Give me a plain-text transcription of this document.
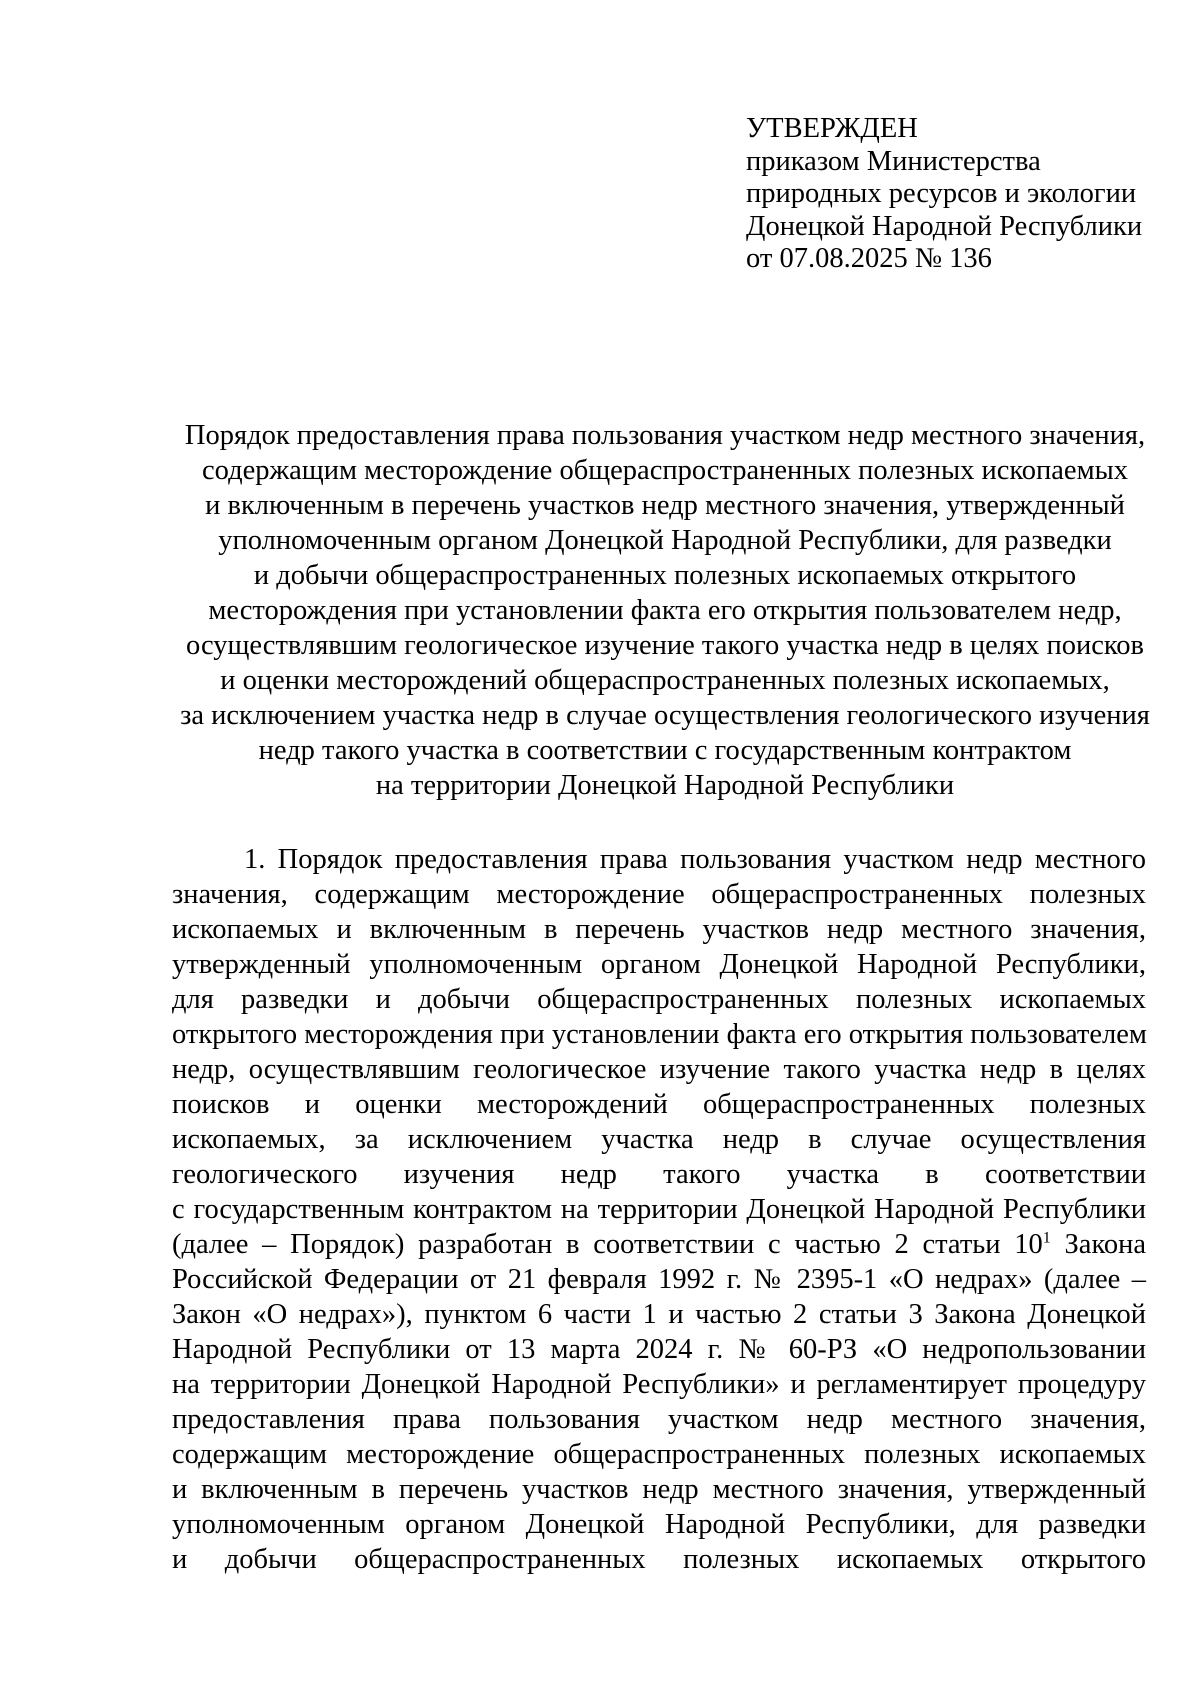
УТВЕРЖДЕН
приказом Министерства
природных ресурсов и экологии
Донецкой Народной Республики
от 07.08.2025 № 136
Порядок предоставления права пользования участком недр местного значения,
содержащим месторождение общераспространенных полезных ископаемых
и включенным в перечень участков недр местного значения, утвержденный
уполномоченным органом Донецкой Народной Республики, для разведки
и добычи общераспространенных полезных ископаемых открытого
месторождения при установлении факта его открытия пользователем недр,
осуществлявшим геологическое изучение такого участка недр в целях поисков
и оценки месторождений общераспространенных полезных ископаемых,
за исключением участка недр в случае осуществления геологического изучения
недр такого участка в соответствии с государственным контрактом
на территории Донецкой Народной Республики
1. Порядок предоставления права пользования участком недр местного
значения, содержащим месторождение общераспространенных полезных
ископаемых и включенным в перечень участков недр местного значения,
утвержденный уполномоченным органом Донецкой Народной Республики,
для разведки и добычи общераспространенных полезных ископаемых
открытого месторождения при установлении факта его открытия пользователем
недр, осуществлявшим геологическое изучение такого участка недр в целях
поисков и оценки месторождений общераспространенных полезных
ископаемых, за исключением участка недр в случае осуществления
геологического изучения недр такого участка в соответствии
с государственным контрактом на территории Донецкой Народной Республики
(далее – Порядок) разработан в соответствии с частью 2 статьи $10^1$ Закона
Российской Федерации от 21 февраля 1992 г. № 2395-1 «О недрах» (далее –
Закон «О недрах»), пунктом 6 части 1 и частью 2 статьи 3 Закона Донецкой
Народной Республики от 13 марта 2024 г. № 60-РЗ «О недропользовании
на территории Донецкой Народной Республики» и регламентирует процедуру
предоставления права пользования участком недр местного значения,
содержащим месторождение общераспространенных полезных ископаемых
и включенным в перечень участков недр местного значения, утвержденный
уполномоченным органом Донецкой Народной Республики, для разведки
и добычи общераспространенных полезных ископаемых открытого
